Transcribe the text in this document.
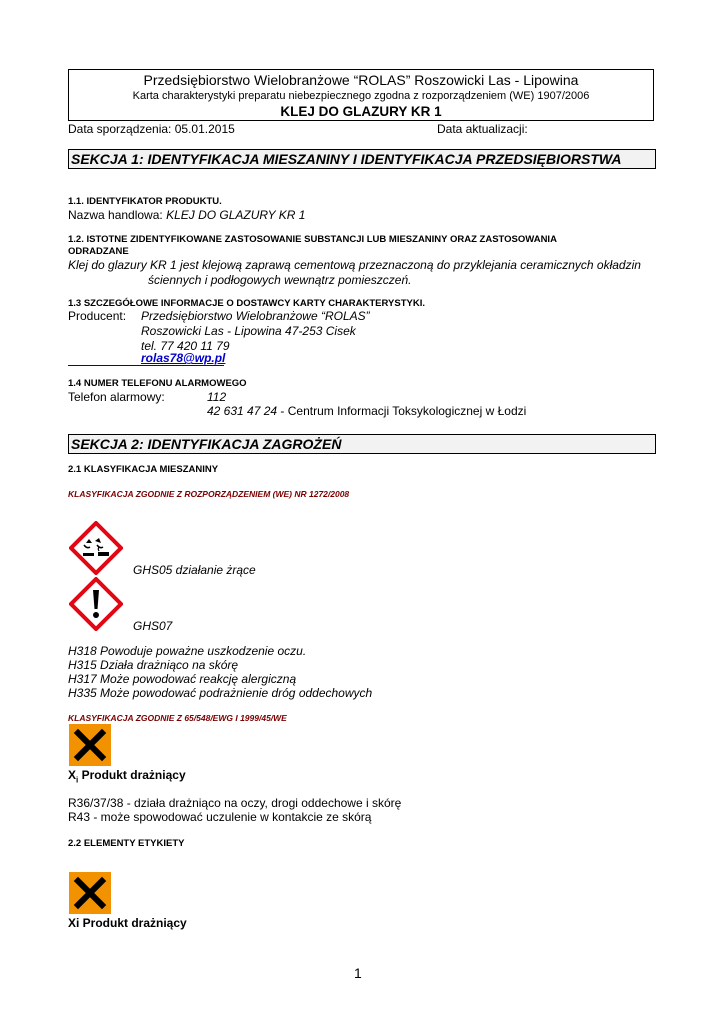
Przedsiębiorstwo Wielobranżowe “ROLAS” Roszowicki Las - Lipowina
Karta charakterystyki preparatu niebezpiecznego zgodna z rozporządzeniem (WE) 1907/2006
KLEJ DO GLAZURY KR 1
Data sporządzenia: 05.01.2015	Data aktualizacji:
SEKCJA 1: IDENTYFIKACJA MIESZANINY I IDENTYFIKACJA PRZEDSIĘBIORSTWA
1.1. IDENTYFIKATOR PRODUKTU.
Nazwa handlowa: KLEJ DO GLAZURY KR 1
1.2. ISTOTNE ZIDENTYFIKOWANE ZASTOSOWANIE SUBSTANCJI LUB MIESZANINY ORAZ ZASTOSOWANIA
ODRADZANE
Klej do glazury KR 1 jest klejową zaprawą cementową przeznaczoną do przyklejania ceramicznych okładzin
ściennych i podłogowych wewnątrz pomieszczeń.
1.3 SZCZEGÓŁOWE INFORMACJE O DOSTAWCY KARTY CHARAKTERYSTYKI.
Producent: Przedsiębiorstwo Wielobranżowe “ROLAS”
Roszowicki Las - Lipowina 47-253 Cisek
tel. 77 420 11 79
rolas78@wp.pl
1.4 NUMER TELEFONU ALARMOWEGO
Telefon alarmowy:	112
42 631 47 24 - Centrum Informacji Toksykologicznej w Łodzi
SEKCJA 2: IDENTYFIKACJA ZAGROŻEŃ
2.1 KLASYFIKACJA MIESZANINY
KLASYFIKACJA ZGODNIE Z ROZPORZĄDZENIEM (WE) NR 1272/2008
GHS05 działanie żrące
GHS07
H318 Powoduje poważne uszkodzenie oczu.
H315 Działa drażniąco na skórę
H317 Może powodować reakcję alergiczną
H335 Może powodować podrażnienie dróg oddechowych
KLASYFIKACJA ZGODNIE Z 65/548/EWG I 1999/45/WE
$X_i$ Produkt drażniący
R36/37/38 - działa drażniąco na oczy, drogi oddechowe i skórę
R43 - może spowodować uczulenie w kontakcie ze skórą
2.2 ELEMENTY ETYKIETY
Xi Produkt drażniący
1
